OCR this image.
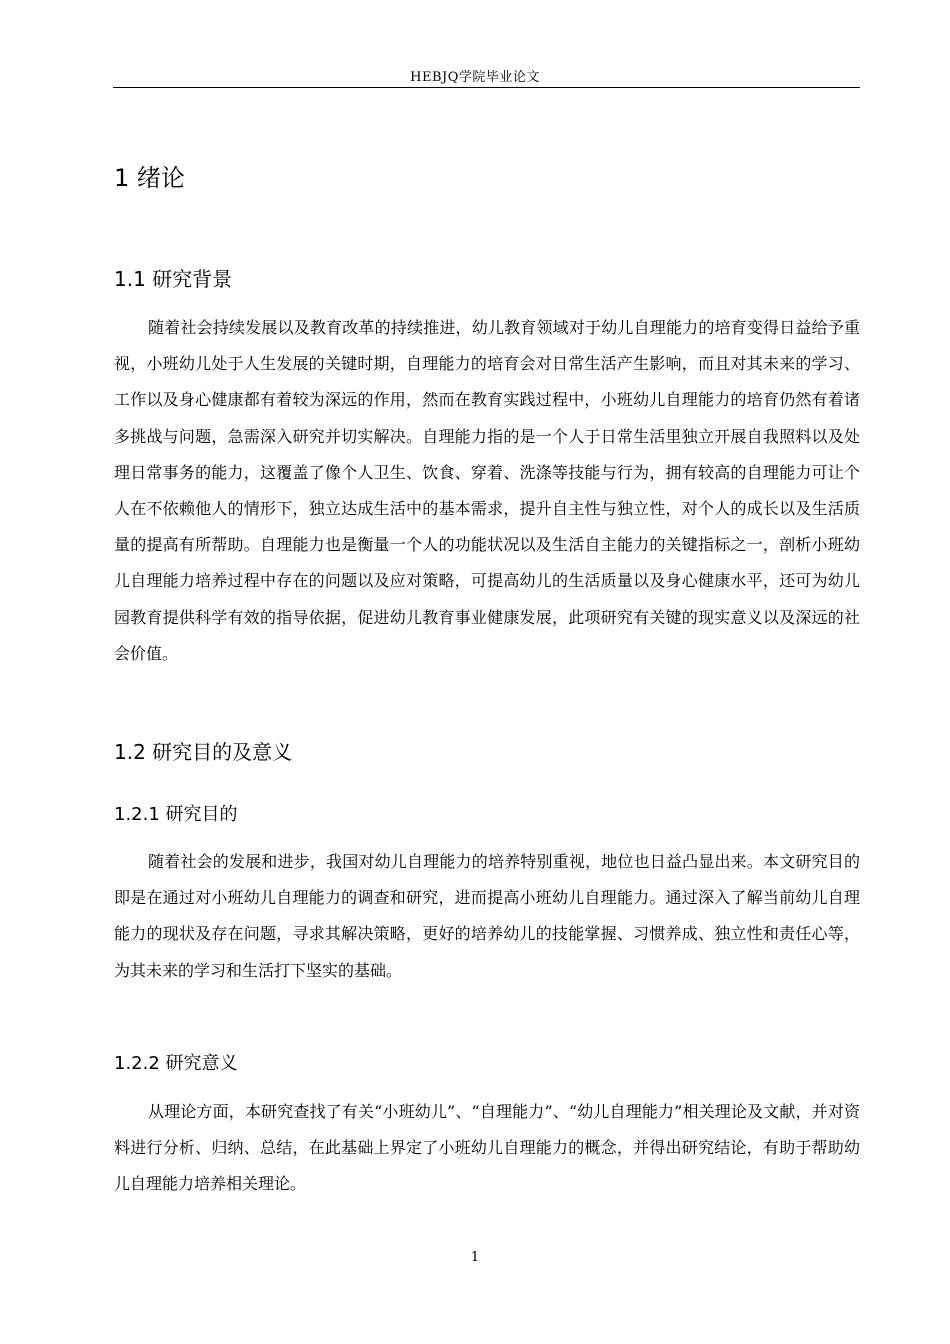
HEBJQ学院毕业论文
1 绪论
1.1 研究背景

随着社会持续发展以及教育改革的持续推进，幼儿教育领域对于幼儿自理能力的培育变得日益给予重视，小班幼儿处于人生发展的关键时期，自理能力的培育会对日常生活产生影响，而且对其未来的学习、工作以及身心健康都有着较为深远的作用，然而在教育实践过程中，小班幼儿自理能力的培育仍然有着诸多挑战与问题，急需深入研究并切实解决。自理能力指的是一个人于日常生活里独立开展自我照料以及处理日常事务的能力，这覆盖了像个人卫生、饮食、穿着、洗涤等技能与行为，拥有较高的自理能力可让个人在不依赖他人的情形下，独立达成生活中的基本需求，提升自主性与独立性，对个人的成长以及生活质量的提高有所帮助。自理能力也是衡量一个人的功能状况以及生活自主能力的关键指标之一，剖析小班幼儿自理能力培养过程中存在的问题以及应对策略，可提高幼儿的生活质量以及身心健康水平，还可为幼儿园教育提供科学有效的指导依据，促进幼儿教育事业健康发展，此项研究有关键的现实意义以及深远的社会价值。

1.2 研究目的及意义
1.2.1 研究目的

随着社会的发展和进步，我国对幼儿自理能力的培养特别重视，地位也日益凸显出来。本文研究目的即是在通过对小班幼儿自理能力的调查和研究，进而提高小班幼儿自理能力。通过深入了解当前幼儿自理能力的现状及存在问题，寻求其解决策略，更好的培养幼儿的技能掌握、习惯养成、独立性和责任心等，为其未来的学习和生活打下坚实的基础。

1.2.2 研究意义

从理论方面，本研究查找了有关“小班幼儿”、“自理能力”、“幼儿自理能力”相关理论及文献，并对资料进行分析、归纳、总结，在此基础上界定了小班幼儿自理能力的概念，并得出研究结论，有助于帮助幼儿自理能力培养相关理论。

1
